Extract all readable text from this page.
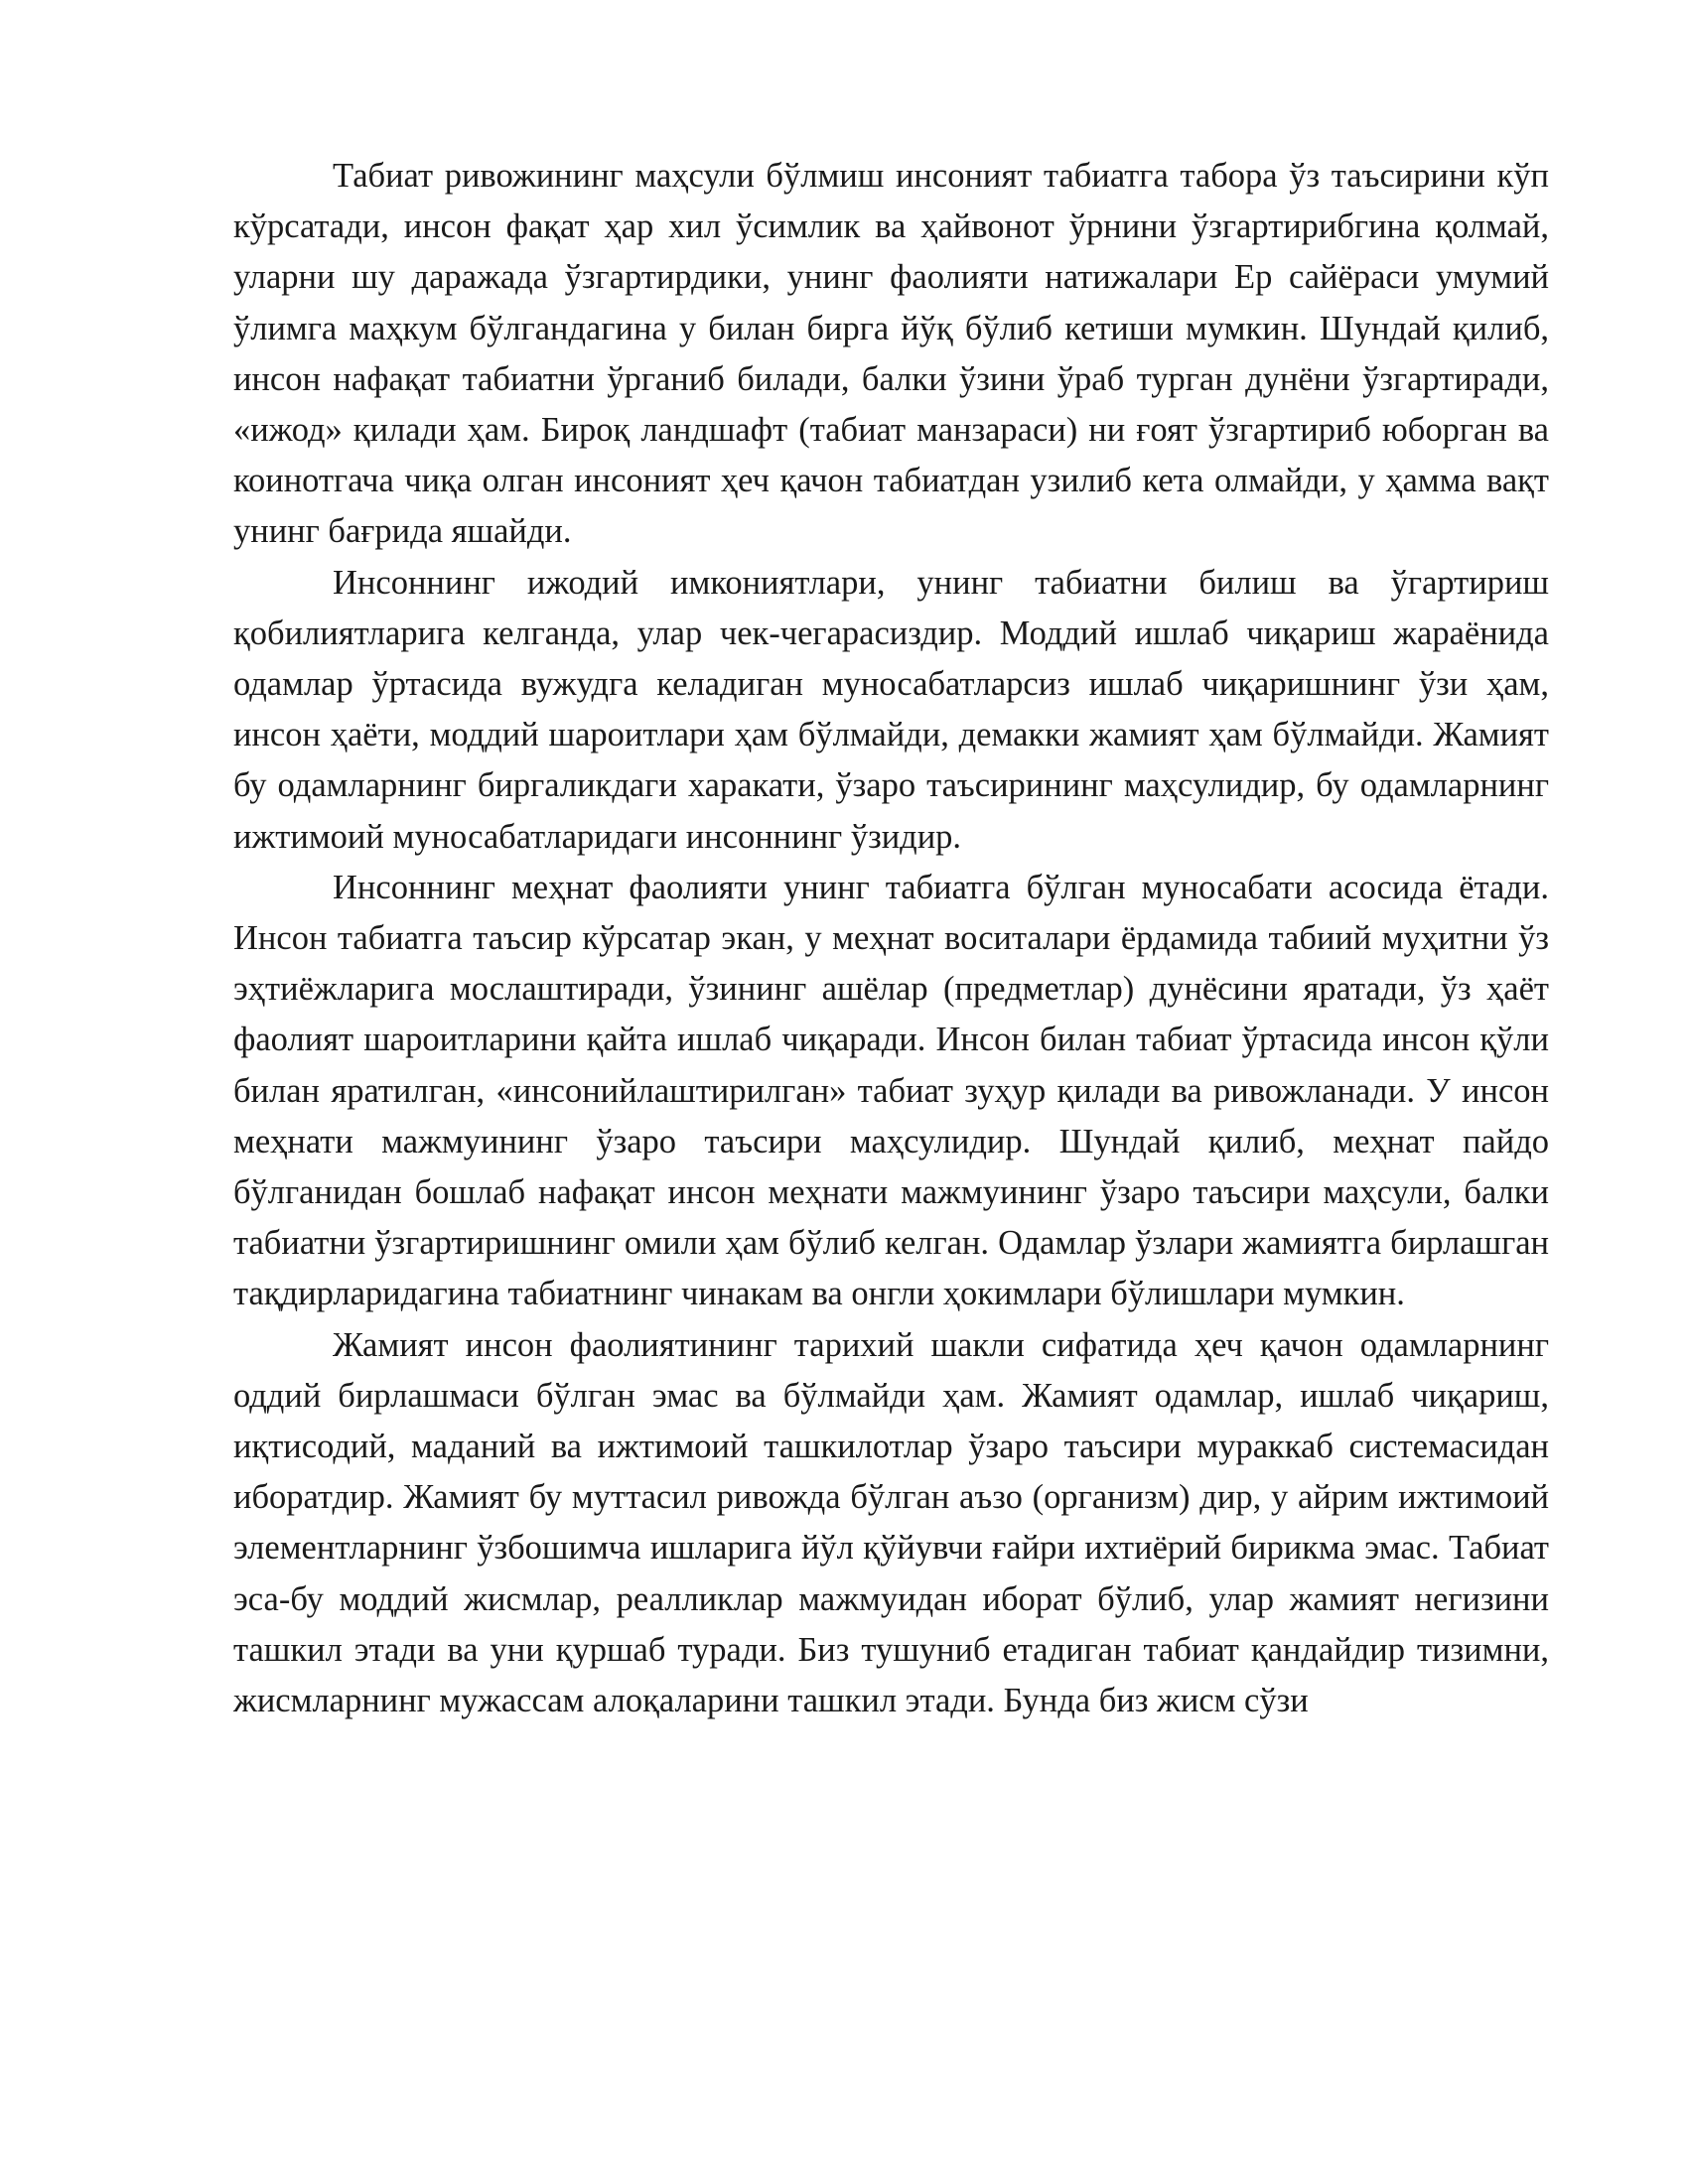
Табиат ривожининг маҳсули бўлмиш инсоният табиатга табора ўз таъсирини кўп кўрсатади, инсон фақат ҳар хил ўсимлик ва ҳайвонот ўрнини ўзгартирибгина қолмай, уларни шу даражада ўзгартирдики, унинг фаолияти натижалари Ер сайёраси умумий ўлимга маҳкум бўлгандагина у билан бирга йўқ бўлиб кетиши мумкин. Шундай қилиб, инсон нафақат табиатни ўрганиб билади, балки ўзини ўраб турган дунёни ўзгартиради, «ижод» қилади ҳам. Бироқ ландшафт (табиат манзараси) ни ғоят ўзгартириб юборган ва коинотгача чиқа олган инсоният ҳеч қачон табиатдан узилиб кета олмайди, у ҳамма вақт унинг бағрида яшайди.

Инсоннинг ижодий имкониятлари, унинг табиатни билиш ва ўгартириш қобилиятларига келганда, улар чек-чегарасиздир. Моддий ишлаб чиқариш жараёнида одамлар ўртасида вужудга келадиган муносабатларсиз ишлаб чиқаришнинг ўзи ҳам, инсон ҳаёти, моддий шароитлари ҳам бўлмайди, демакки жамият ҳам бўлмайди. Жамият бу одамларнинг биргаликдаги харакати, ўзаро таъсирининг маҳсулидир, бу одамларнинг ижтимоий муносабатларидаги инсоннинг ўзидир.

Инсоннинг меҳнат фаолияти унинг табиатга бўлган муносабати асосида ётади. Инсон табиатга таъсир кўрсатар экан, у меҳнат воситалари ёрдамида табиий муҳитни ўз эҳтиёжларига мослаштиради, ўзининг ашёлар (предметлар) дунёсини яратади, ўз ҳаёт фаолият шароитларини қайта ишлаб чиқаради. Инсон билан табиат ўртасида инсон қўли билан яратилган, «инсонийлаштирилган» табиат зуҳур қилади ва ривожланади. У инсон меҳнати мажмуининг ўзаро таъсири маҳсулидир. Шундай қилиб, меҳнат пайдо бўлганидан бошлаб нафақат инсон меҳнати мажмуининг ўзаро таъсири маҳсули, балки табиатни ўзгартиришнинг омили ҳам бўлиб келган. Одамлар ўзлари жамиятга бирлашган тақдирларидагина табиатнинг чинакам ва онгли ҳокимлари бўлишлари мумкин.

Жамият инсон фаолиятининг тарихий шакли сифатида ҳеч қачон одамларнинг оддий бирлашмаси бўлган эмас ва бўлмайди ҳам. Жамият одамлар, ишлаб чиқариш, иқтисодий, маданий ва ижтимоий ташкилотлар ўзаро таъсири мураккаб системасидан иборатдир. Жамият бу муттасил ривожда бўлган аъзо (организм) дир, у айрим ижтимоий элементларнинг ўзбошимча ишларига йўл қўйувчи ғайри ихтиёрий бирикма эмас. Табиат эса-бу моддий жисмлар, реалликлар мажмуидан иборат бўлиб, улар жамият негизини ташкил этади ва уни қуршаб туради. Биз тушуниб етадиган табиат қандайдир тизимни, жисмларнинг мужассам алоқаларини ташкил этади. Бунда биз жисм сўзи
